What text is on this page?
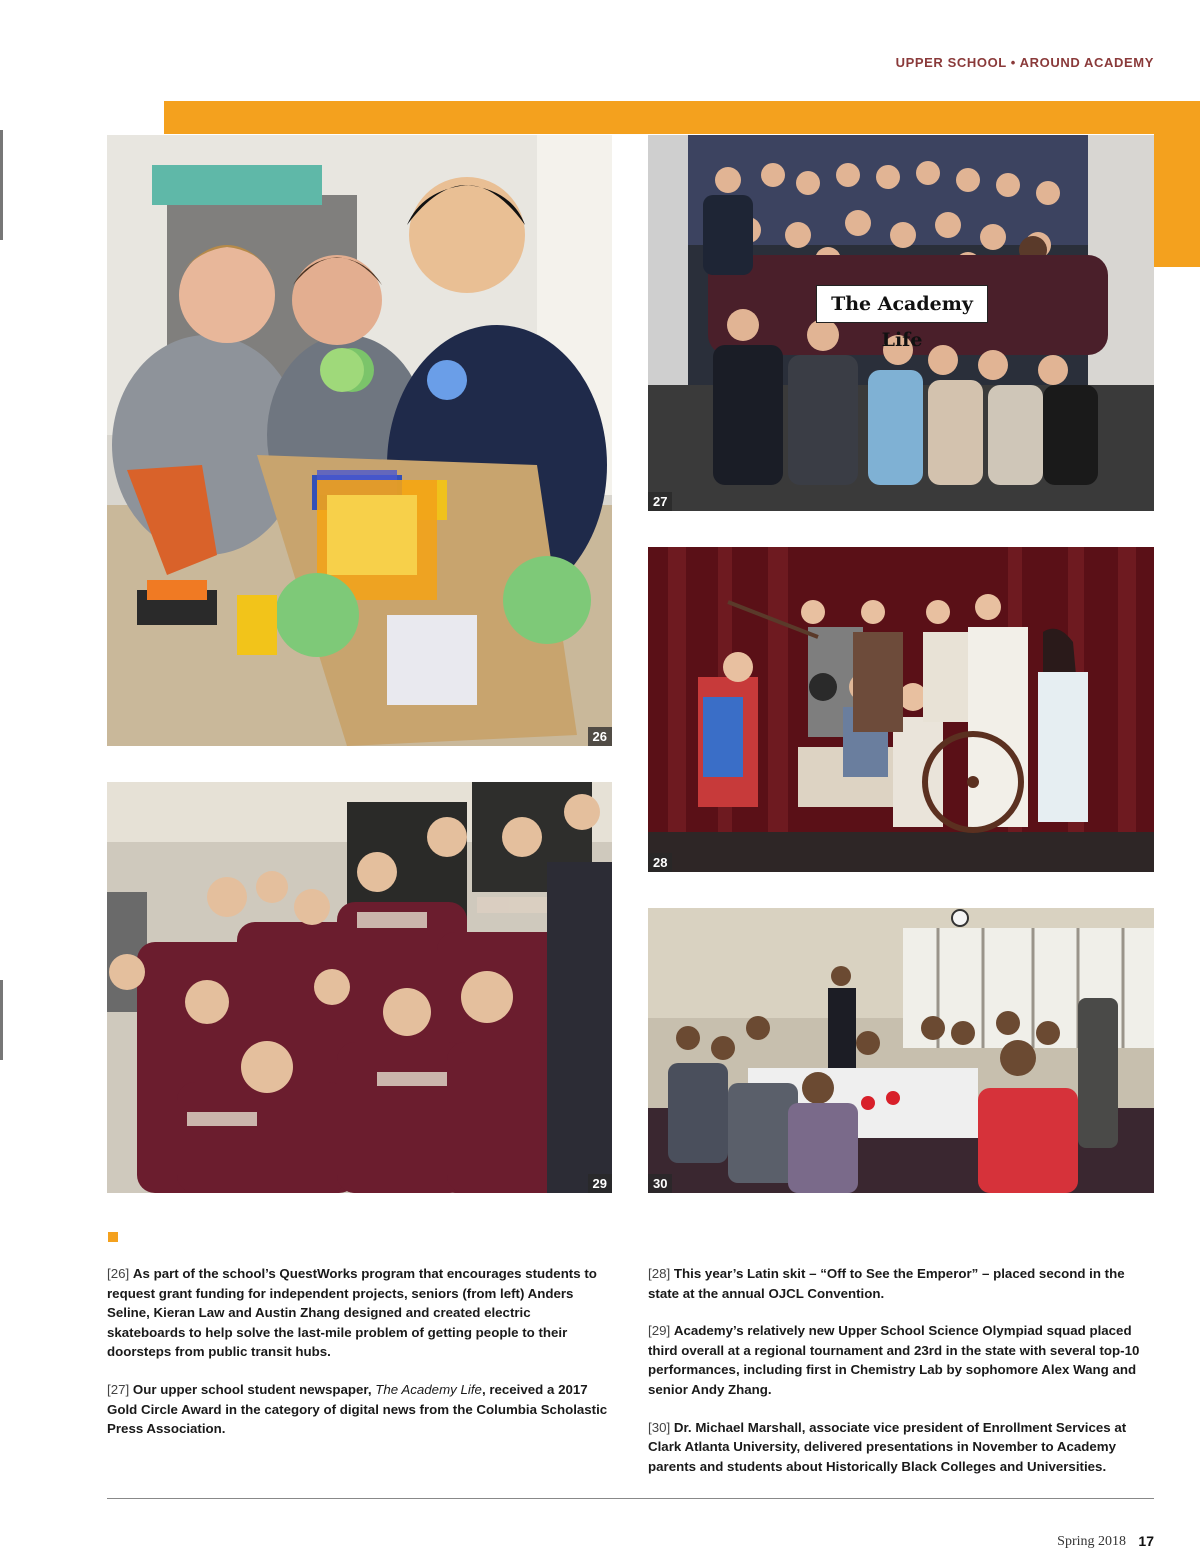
UPPER SCHOOL • AROUND ACADEMY
26
The Academy Life
27
28
29	30

[26] As part of the school’s QuestWorks program that encourages students to request grant funding for independent projects, seniors (from left) Anders Seline, Kieran Law and Austin Zhang designed and created electric skateboards to help solve the last-mile problem of getting people to their doorsteps from public transit hubs.

[27] Our upper school student newspaper, The Academy Life, received a 2017 Gold Circle Award in the category of digital news from the Columbia Scholastic Press Association.

[28] This year’s Latin skit – “Off to See the Emperor” – placed second in the state at the annual OJCL Convention.

[29] Academy’s relatively new Upper School Science Olympiad squad placed third overall at a regional tournament and 23rd in the state with several top-10 performances, including first in Chemistry Lab by sophomore Alex Wang and senior Andy Zhang.

[30] Dr. Michael Marshall, associate vice president of Enrollment Services at Clark Atlanta University, delivered presentations in November to Academy parents and students about Historically Black Colleges and Universities.

Spring 2018 17
